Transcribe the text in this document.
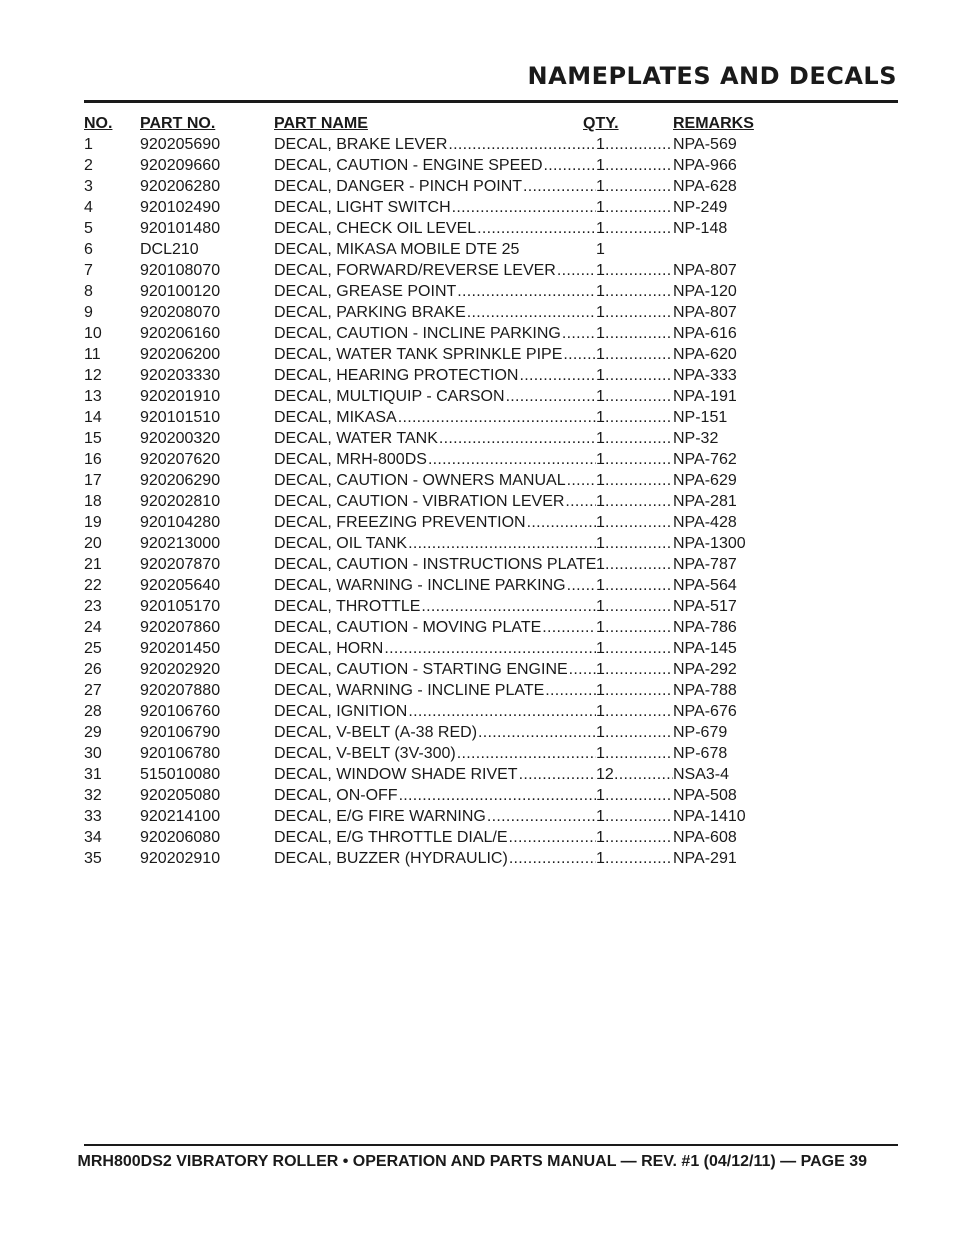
NAMEPLATES AND DECALS
NO. PART NO.	PART NAME	QTY.	REMARKS
1	920205690	DECAL, BRAKE LEVER .....	1 .....	NPA-569
2	920209660	DECAL, CAUTION - ENGINE SPEED .....	1 .....	NPA-966
3	920206280	DECAL, DANGER - PINCH POINT .....	1 .....	NPA-628
4	920102490	DECAL, LIGHT SWITCH .....	1 .....	NP-249
5	920101480	DECAL, CHECK OIL LEVEL .....	1 .....	NP-148
6	DCL210	DECAL, MIKASA MOBILE DTE 25	1
7	920108070	DECAL, FORWARD/REVERSE LEVER .....	1 .....	NPA-807
8	920100120	DECAL, GREASE POINT .....	1 .....	NPA-120
9	920208070	DECAL, PARKING BRAKE .....	1 .....	NPA-807
10 920206160	DECAL, CAUTION - INCLINE PARKING .....	1 .....	NPA-616
11 920206200	DECAL, WATER TANK SPRINKLE PIPE .....	1 .....	NPA-620
12 920203330	DECAL, HEARING PROTECTION .....	1 .....	NPA-333
13 920201910	DECAL, MULTIQUIP - CARSON .....	1 .....	NPA-191
14 920101510	DECAL, MIKASA .....	1 .....	NP-151
15 920200320	DECAL, WATER TANK .....	1 .....	NP-32
16 920207620	DECAL, MRH-800DS .....	1 .....	NPA-762
17 920206290	DECAL, CAUTION - OWNERS MANUAL .....	1 .....	NPA-629
18 920202810	DECAL, CAUTION - VIBRATION LEVER .....	1 .....	NPA-281
19 920104280	DECAL, FREEZING PREVENTION .....	1 .....	NPA-428
20 920213000	DECAL, OIL TANK .....	1 .....	NPA-1300
21 920207870	DECAL, CAUTION - INSTRUCTIONS PLATE ..... 1 .....	NPA-787
22 920205640	DECAL, WARNING - INCLINE PARKING .....	1 .....	NPA-564
23 920105170	DECAL, THROTTLE .....	1 .....	NPA-517
24 920207860	DECAL, CAUTION - MOVING PLATE .....	1 .....	NPA-786
25 920201450	DECAL, HORN .....	1 .....	NPA-145
26 920202920	DECAL, CAUTION - STARTING ENGINE .....	1 .....	NPA-292
27 920207880	DECAL, WARNING - INCLINE PLATE .....	1 .....	NPA-788
28 920106760	DECAL, IGNITION .....	1 .....	NPA-676
29 920106790	DECAL, V-BELT (A-38 RED) .....	1 .....	NP-679
30 920106780	DECAL, V-BELT (3V-300) .....	1 .....	NP-678
31 515010080	DECAL, WINDOW SHADE RIVET .....	12 .....	NSA3-4
32 920205080	DECAL, ON-OFF .....	1 .....	NPA-508
33 920214100	DECAL, E/G FIRE WARNING .....	1 .....	NPA-1410
34 920206080	DECAL, E/G THROTTLE DIAL/E .....	1 .....	NPA-608
35 920202910	DECAL, BUZZER (HYDRAULIC) .....	1 .....	NPA-291
MRH800DS2 VIBRATORY ROLLER • OPERATION AND PARTS MANUAL — REV. #1 (04/12/11) — PAGE 39
